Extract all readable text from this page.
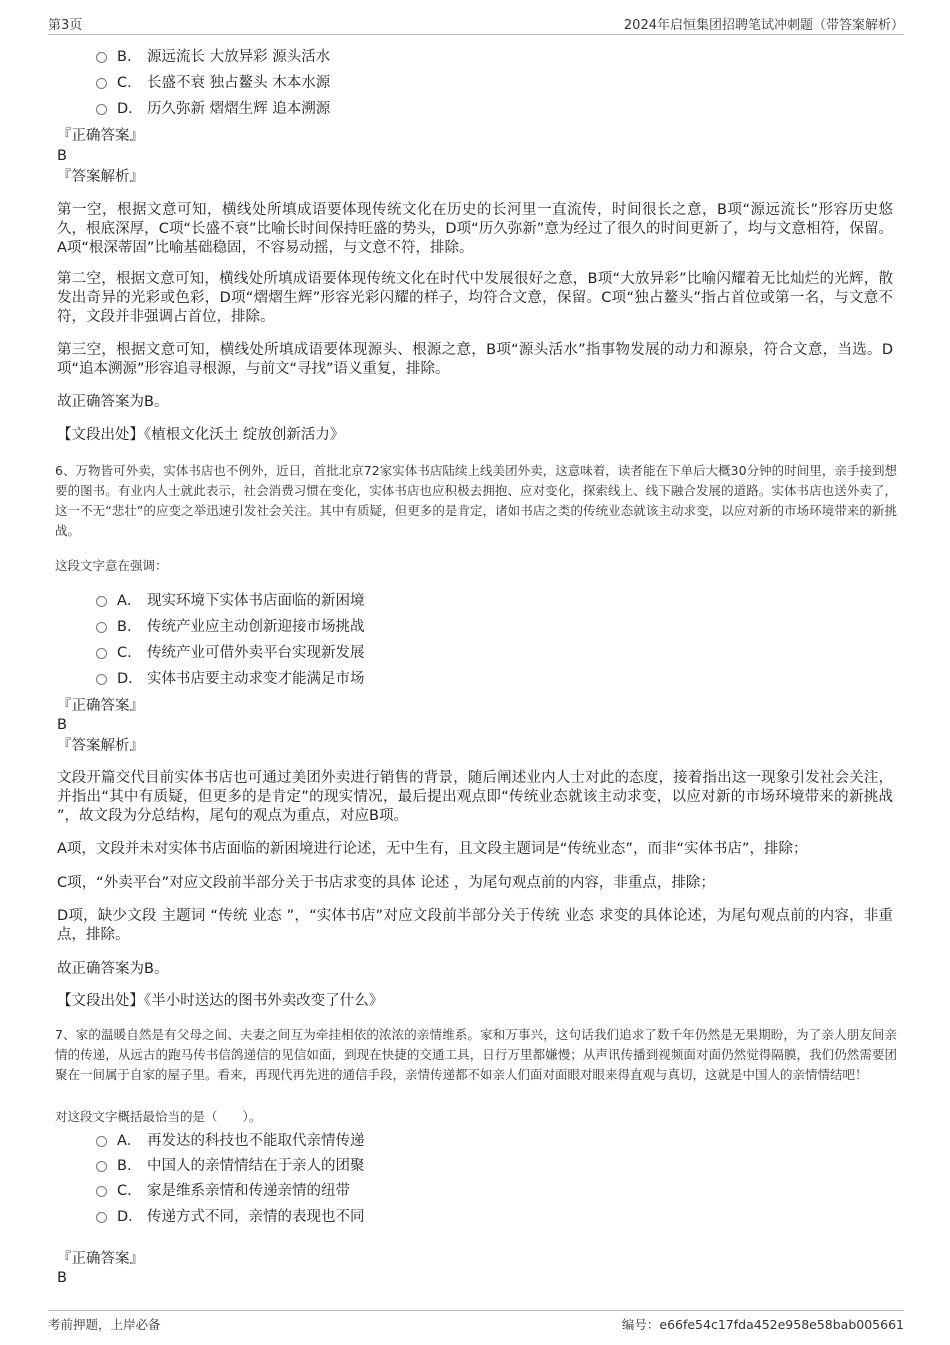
第3页	2024年启恒集团招聘笔试冲刺题（带答案解析）
B. 源远流长 大放异彩 源头活水
C. 长盛不衰 独占鳌头 木本水源
D. 历久弥新 熠熠生辉 追本溯源
『正确答案』
B
『答案解析』
第一空，根据文意可知，横线处所填成语要体现传统文化在历史的长河里一直流传，时间很长之意，B项“源远流长”形容历史悠久，根底深厚，C项“长盛不衰”比喻长时间保持旺盛的势头，D项“历久弥新”意为经过了很久的时间更新了，均与文意相符，保留。A项“根深蒂固”比喻基础稳固，不容易动摇，与文意不符，排除。
第二空，根据文意可知，横线处所填成语要体现传统文化在时代中发展很好之意，B项“大放异彩”比喻闪耀着无比灿烂的光辉，散发出奇异的光彩或色彩，D项“熠熠生辉”形容光彩闪耀的样子，均符合文意，保留。C项“独占鳌头”指占首位或第一名，与文意不符，文段并非强调占首位，排除。
第三空，根据文意可知，横线处所填成语要体现源头、根源之意，B项“源头活水”指事物发展的动力和源泉，符合文意，当选。D项“追本溯源”形容追寻根源，与前文“寻找”语义重复，排除。
故正确答案为B。
【文段出处】《植根文化沃土 绽放创新活力》
6、万物皆可外卖，实体书店也不例外，近日，首批北京72家实体书店陆续上线美团外卖，这意味着，读者能在下单后大概30分钟的时间里，亲手接到想要的图书。有业内人士就此表示，社会消费习惯在变化，实体书店也应积极去拥抱、应对变化，探索线上、线下融合发展的道路。实体书店也送外卖了，这一不无“悲壮”的应变之举迅速引发社会关注。其中有质疑，但更多的是肯定，诸如书店之类的传统业态就该主动求变，以应对新的市场环境带来的新挑战。
这段文字意在强调：
A． 现实环境下实体书店面临的新困境
B. 传统产业应主动创新迎接市场挑战
C. 传统产业可借外卖平台实现新发展
D. 实体书店要主动求变才能满足市场
『正确答案』
B
『答案解析』
文段开篇交代目前实体书店也可通过美团外卖进行销售的背景，随后阐述业内人士对此的态度，接着指出这一现象引发社会关注，并指出“其中有质疑，但更多的是肯定”的现实情况，最后提出观点即“传统业态就该主动求变，以应对新的市场环境带来的新挑战 ”，故文段为分总结构，尾句的观点为重点，对应B项。
A项，文段并未对实体书店面临的新困境进行论述，无中生有，且文段主题词是“传统业态”，而非“实体书店”，排除；
C项，“外卖平台”对应文段前半部分关于书店求变的具体 论述 ，为尾句观点前的内容，非重点，排除；
D项，缺少文段 主题词 “传统 业态 ”，“实体书店”对应文段前半部分关于传统 业态 求变的具体论述，为尾句观点前的内容，非重点，排除。
故正确答案为B。
【文段出处】《半小时送达的图书外卖改变了什么》
7、家的温暖自然是有父母之间、夫妻之间互为牵挂相依的浓浓的亲情维系。家和万事兴，这句话我们追求了数千年仍然是无果期盼，为了亲人朋友间亲情的传递，从远古的跑马传书信鸽递信的见信如面，到现在快捷的交通工具，日行万里都嫌慢；从声讯传播到视频面对面仍然觉得隔膜，我们仍然需要团聚在一间属于自家的屋子里。看来，再现代再先进的通信手段，亲情传递都不如亲人们面对面眼对眼来得直观与真切，这就是中国人的亲情情结吧！
对这段文字概括最恰当的是（　　）。
A． 再发达的科技也不能取代亲情传递
B. 中国人的亲情情结在于亲人的团聚
C. 家是维系亲情和传递亲情的纽带
D. 传递方式不同，亲情的表现也不同
『正确答案』
B
考前押题，上岸必备	编号：e66fe54c17fda452e958e58bab005661
